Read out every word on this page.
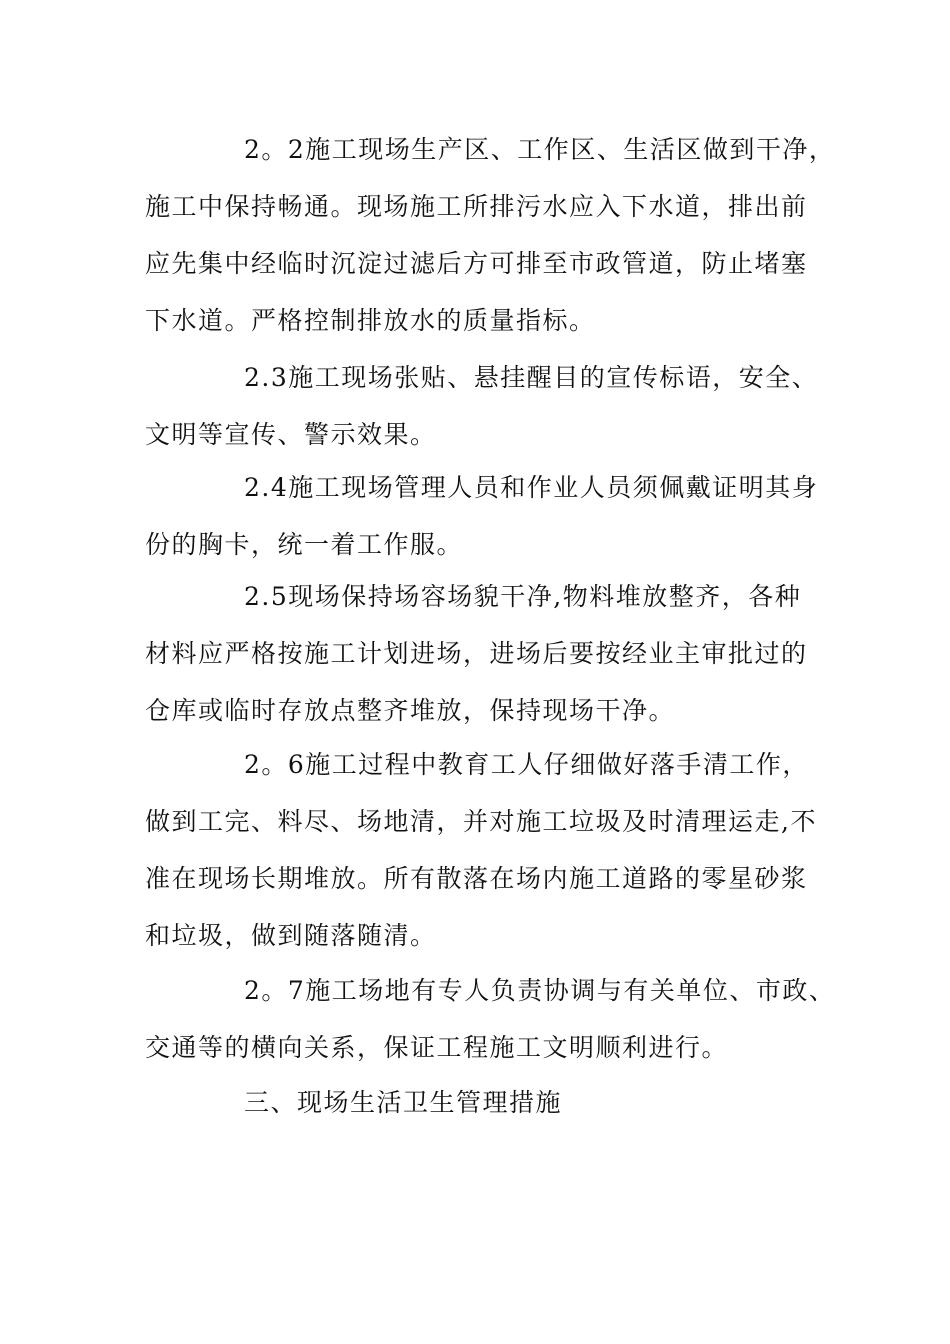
2。2施工现场生产区、工作区、生活区做到干净，
施工中保持畅通。现场施工所排污水应入下水道，排出前
应先集中经临时沉淀过滤后方可排至市政管道，防止堵塞
下水道。严格控制排放水的质量指标。
2.3施工现场张贴、悬挂醒目的宣传标语，安全、
文明等宣传、警示效果。
2.4施工现场管理人员和作业人员须佩戴证明其身
份的胸卡，统一着工作服。
2.5现场保持场容场貌干净,物料堆放整齐，各种
材料应严格按施工计划进场，进场后要按经业主审批过的
仓库或临时存放点整齐堆放，保持现场干净。
2。6施工过程中教育工人仔细做好落手清工作，
做到工完、料尽、场地清，并对施工垃圾及时清理运走,不
准在现场长期堆放。所有散落在场内施工道路的零星砂浆
和垃圾，做到随落随清。
2。7施工场地有专人负责协调与有关单位、市政、
交通等的横向关系，保证工程施工文明顺利进行。
三、现场生活卫生管理措施
